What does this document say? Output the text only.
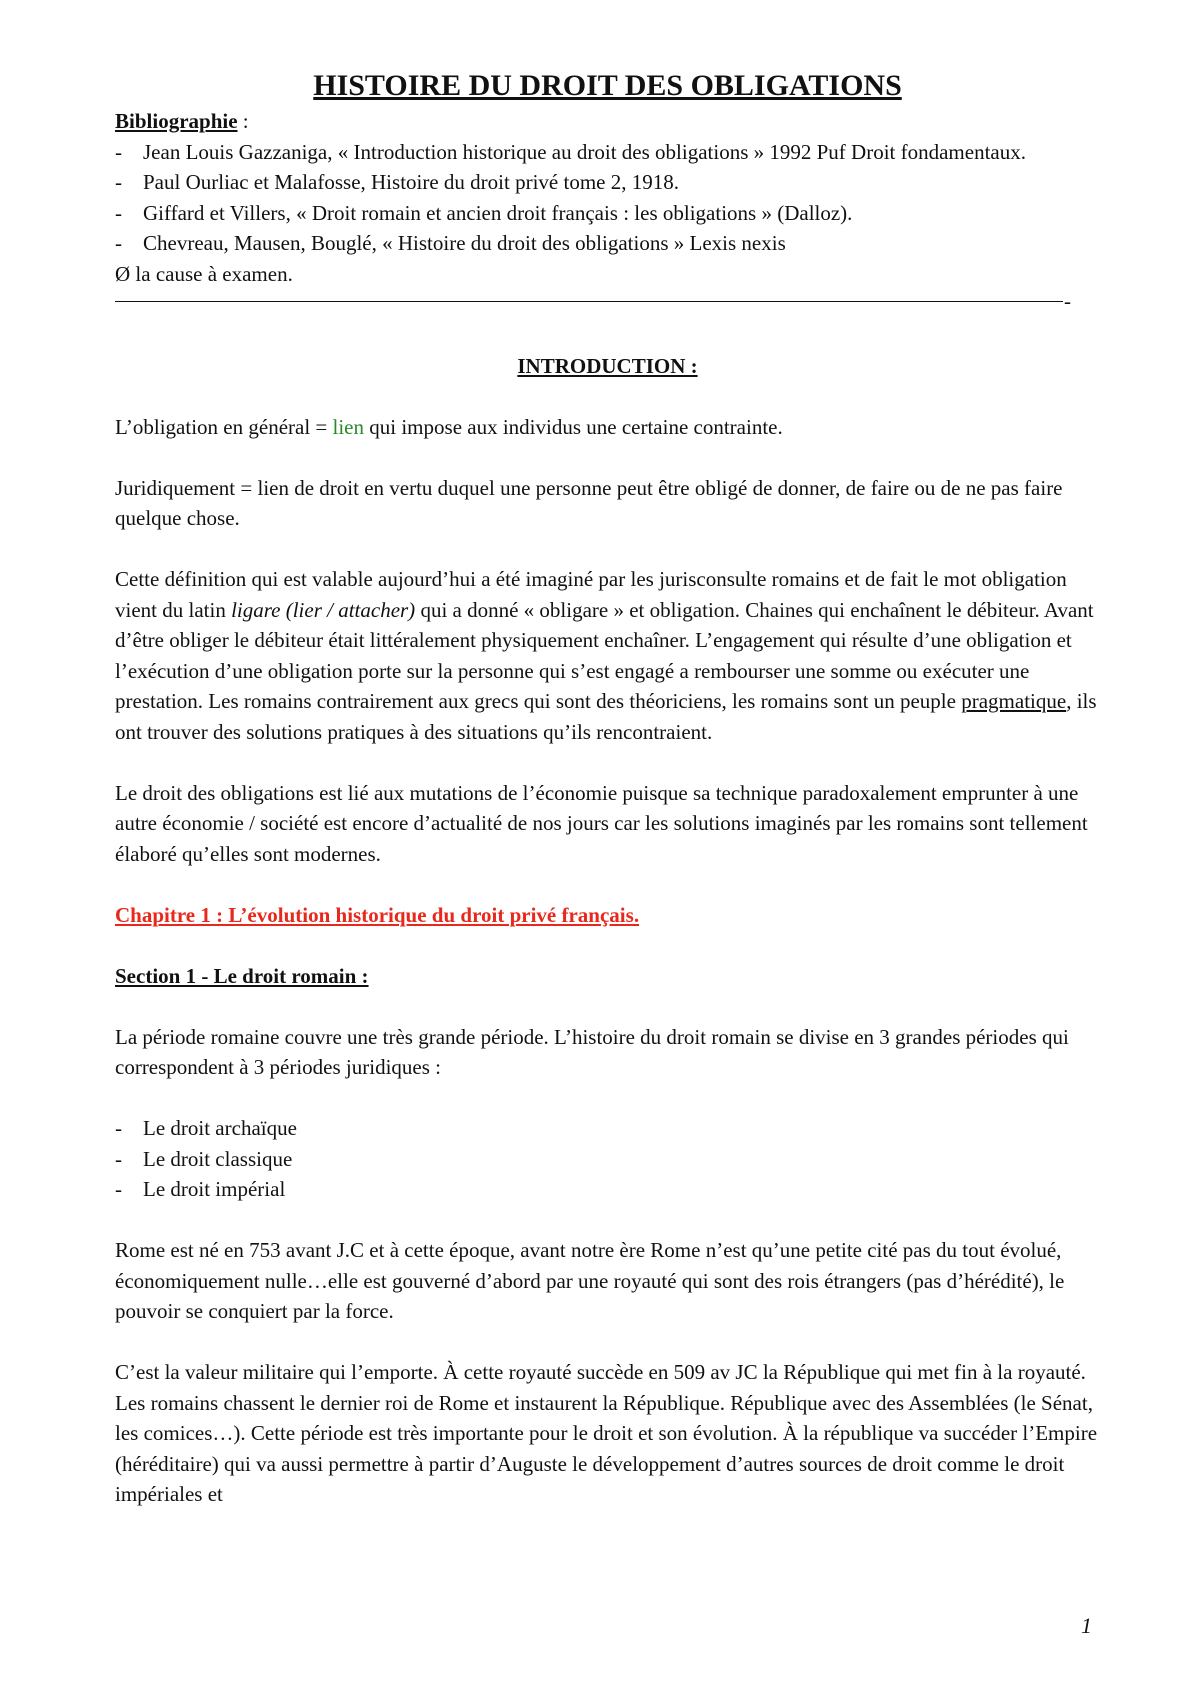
HISTOIRE DU DROIT DES OBLIGATIONS
Bibliographie :
-	Jean Louis Gazzaniga, « Introduction historique au droit des obligations » 1992 Puf Droit fondamentaux.
-	Paul Ourliac et Malafosse, Histoire du droit privé tome 2, 1918.
-	Giffard et Villers, « Droit romain et ancien droit français : les obligations » (Dalloz).
-	Chevreau, Mausen, Bouglé, « Histoire du droit des obligations » Lexis nexis
Ø la cause à examen.
-
INTRODUCTION :

L’obligation en général = lien qui impose aux individus une certaine contrainte.

Juridiquement = lien de droit en vertu duquel une personne peut être obligé de donner, de faire ou de ne pas faire quelque chose.

Cette définition qui est valable aujourd’hui a été imaginé par les jurisconsulte romains et de fait le mot obligation vient du latin ligare (lier / attacher) qui a donné « obligare » et obligation. Chaines qui enchaînent le débiteur. Avant d’être obliger le débiteur était littéralement physiquement enchaîner. L’engagement qui résulte d’une obligation et l’exécution d’une obligation porte sur la personne qui s’est engagé a rembourser une somme ou exécuter une prestation. Les romains contrairement aux grecs qui sont des théoriciens, les romains sont un peuple pragmatique, ils ont trouver des solutions pratiques à des situations qu’ils rencontraient.

Le droit des obligations est lié aux mutations de l’économie puisque sa technique paradoxalement emprunter à une autre économie / société est encore d’actualité de nos jours car les solutions imaginés par les romains sont tellement élaboré qu’elles sont modernes.

Chapitre 1 : L’évolution historique du droit privé français.

Section 1 - Le droit romain :

La période romaine couvre une très grande période. L’histoire du droit romain se divise en 3 grandes périodes qui correspondent à 3 périodes juridiques :

-	Le droit archaïque
-	Le droit classique
-	Le droit impérial

Rome est né en 753 avant J.C et à cette époque, avant notre ère Rome n’est qu’une petite cité pas du tout évolué, économiquement nulle…elle est gouverné d’abord par une royauté qui sont des rois étrangers (pas d’hérédité), le pouvoir se conquiert par la force.

C’est la valeur militaire qui l’emporte. À cette royauté succède en 509 av JC la République qui met fin à la royauté. Les romains chassent le dernier roi de Rome et instaurent la République. République avec des Assemblées (le Sénat, les comices…). Cette période est très importante pour le droit et son évolution. À la république va succéder l’Empire (héréditaire) qui va aussi permettre à partir d’Auguste le développement d’autres sources de droit comme le droit impériales et

1
